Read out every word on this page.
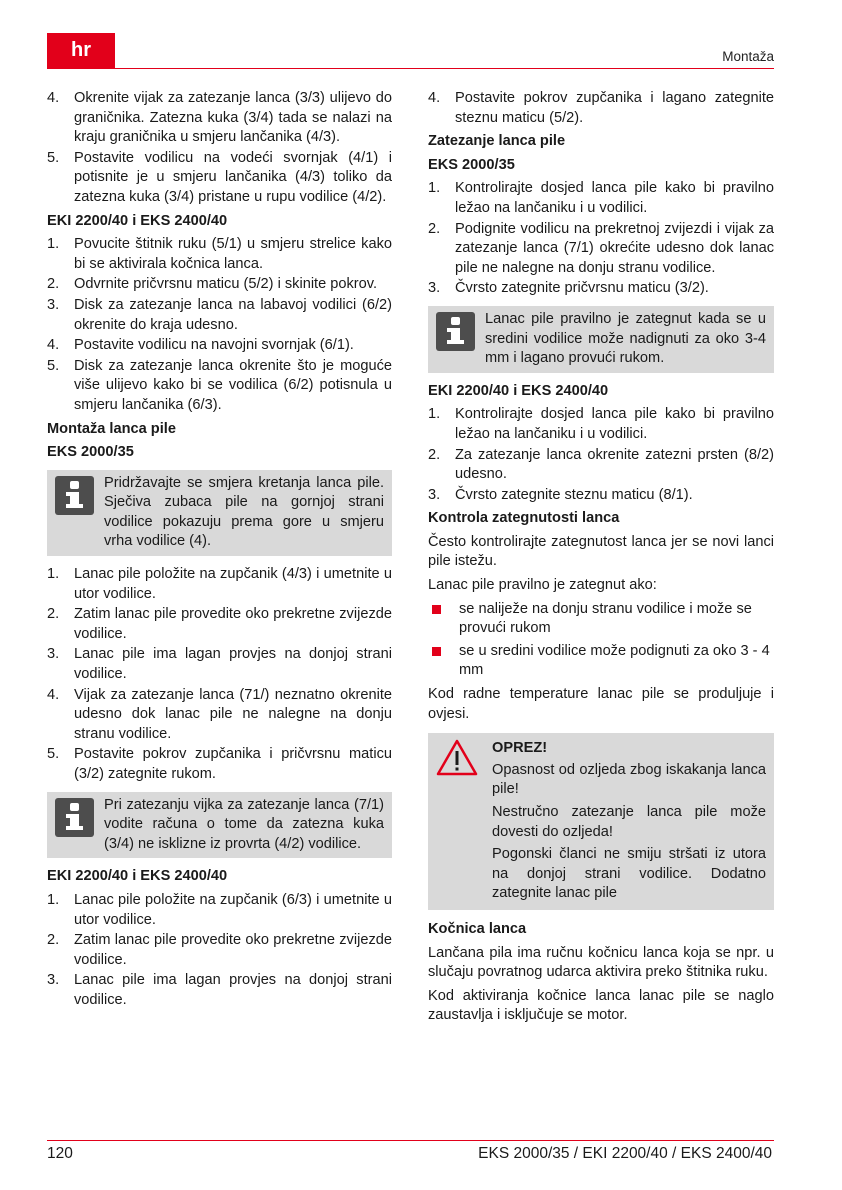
hr	Montaža
4. Okrenite vijak za zatezanje lanca (3/3) ulijevo do graničnika. Zatezna kuka (3/4) tada se nalazi na kraju graničnika u smjeru lančanika (4/3).
5. Postavite vodilicu na vodeći svornjak (4/1) i potisnite je u smjeru lančanika (4/3) toliko da zatezna kuka (3/4) pristane u rupu vodilice (4/2).
EKI 2200/40 i EKS 2400/40
1. Povucite štitnik ruku (5/1) u smjeru strelice kako bi se aktivirala kočnica lanca.
2. Odvrnite pričvrsnu maticu (5/2) i skinite pokrov.
3. Disk za zatezanje lanca na labavoj vodilici (6/2) okrenite do kraja udesno.
4. Postavite vodilicu na navojni svornjak (6/1).
5. Disk za zatezanje lanca okrenite što je moguće više ulijevo kako bi se vodilica (6/2) potisnula u smjeru lančanika (6/3).
Montaža lanca pile
EKS 2000/35
Pridržavajte se smjera kretanja lanca pile. Sječiva zubaca pile na gornjoj strani vodilice pokazuju prema gore u smjeru vrha vodilice (4).
1. Lanac pile položite na zupčanik (4/3) i umetnite u utor vodilice.
2. Zatim lanac pile provedite oko prekretne zvijezde vodilice.
3. Lanac pile ima lagan provjes na donjoj strani vodilice.
4. Vijak za zatezanje lanca (71/) neznatno okrenite udesno dok lanac pile ne nalegne na donju stranu vodilice.
5. Postavite pokrov zupčanika i pričvrsnu maticu (3/2) zategnite rukom.
Pri zatezanju vijka za zatezanje lanca (7/1) vodite računa o tome da zatezna kuka (3/4) ne isklizne iz provrta (4/2) vodilice.
EKI 2200/40 i EKS 2400/40
1. Lanac pile položite na zupčanik (6/3) i umetnite u utor vodilice.
2. Zatim lanac pile provedite oko prekretne zvijezde vodilice.
3. Lanac pile ima lagan provjes na donjoj strani vodilice.
4. Postavite pokrov zupčanika i lagano zategnite steznu maticu (5/2).
Zatezanje lanca pile
EKS 2000/35
1. Kontrolirajte dosjed lanca pile kako bi pravilno ležao na lančaniku i u vodilici.
2. Podignite vodilicu na prekretnoj zvijezdi i vijak za zatezanje lanca (7/1) okrećite udesno dok lanac pile ne nalegne na donju stranu vodilice.
3. Čvrsto zategnite pričvrsnu maticu (3/2).
Lanac pile pravilno je zategnut kada se u sredini vodilice može nadignuti za oko 3-4 mm i lagano provući rukom.
EKI 2200/40 i EKS 2400/40
1. Kontrolirajte dosjed lanca pile kako bi pravilno ležao na lančaniku i u vodilici.
2. Za zatezanje lanca okrenite zatezni prsten (8/2) udesno.
3. Čvrsto zategnite steznu maticu (8/1).
Kontrola zategnutosti lanca

Često kontrolirajte zategnutost lanca jer se novi lanci pile istežu.

Lanac pile pravilno je zategnut ako:

se naliježe na donju stranu vodilice i može se provući rukom
se u sredini vodilice može podignuti za oko 3 - 4 mm

Kod radne temperature lanac pile se produljuje i ovjesi.

OPREZ!

Opasnost od ozljeda zbog iskakanja lanca pile!

Nestručno zatezanje lanca pile može dovesti do ozljeda!

Pogonski članci ne smiju stršati iz utora na donjoj strani vodilice. Dodatno zategnite lanac pile

Kočnica lanca

Lančana pila ima ručnu kočnicu lanca koja se npr. u slučaju povratnog udarca aktivira preko štitnika ruku.

Kod aktiviranja kočnice lanca lanac pile se naglo zaustavlja i isključuje se motor.

120	EKS 2000/35 / EKI 2200/40 / EKS 2400/40
